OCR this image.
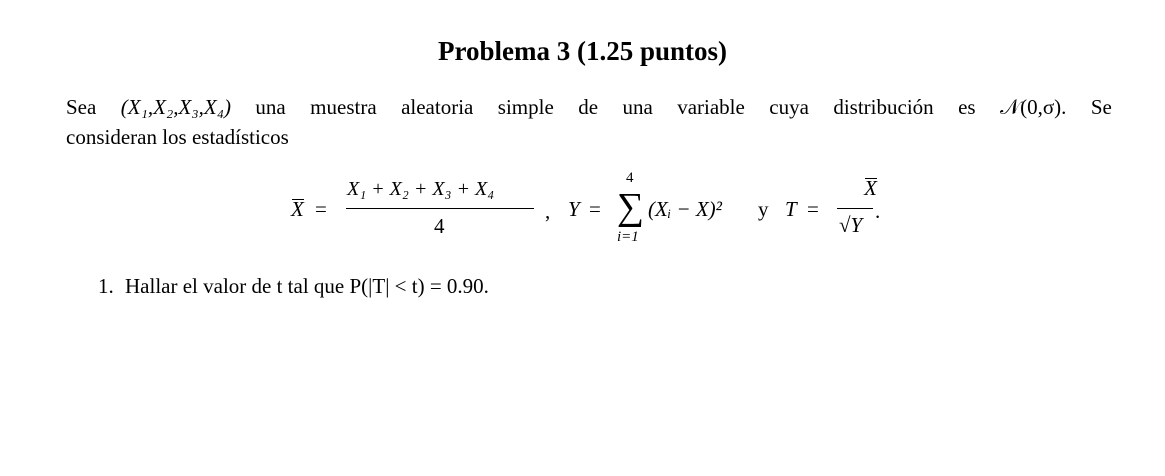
Problema 3 (1.25 puntos)
Sea (X₁,X₂,X₃,X₄) una muestra aleatoria simple de una variable cuya distribución es 𝒩(0,σ). Se
consideran los estadísticos
X =
X₁ + X₂ + X₃ + X₄
4
, Y =
4
∑
i=1
(Xᵢ − X)² y T =
X
√Y
.
1. Hallar el valor de t tal que P(|T| < t) = 0.90.
